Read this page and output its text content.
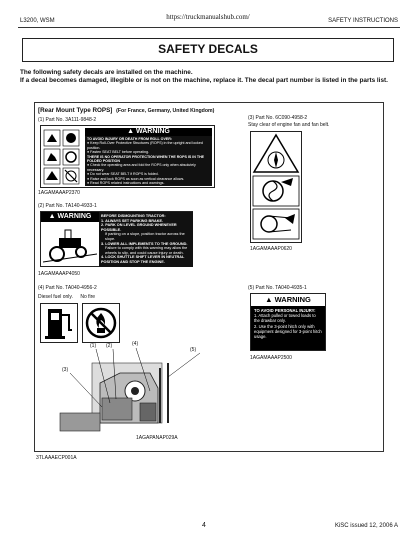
L3200, WSM	https://truckmanualshub.com/	SAFETY INSTRUCTIONS
SAFETY DECALS
The following safety decals are installed on the machine.
If a decal becomes damaged, illegible or is not on the machine, replace it. The decal part number is listed in the parts list.
[Rear Mount Type ROPS] (For France, Germany, United Kingdom)
(1) Part No. 3A111-9848-2
▲ WARNING
TO AVOID INJURY OR DEATH FROM ROLL OVER:
● Keep Roll-Over Protective Structures (ROPS) in the upright and locked position.
● Fasten SEAT BELT before operating.
THERE IS NO OPERATOR PROTECTION WHEN THE ROPS IS IN THE FOLDED POSITION
● Check the operating area and fold the ROPS only when absolutely necessary.
● Do not wear SEAT BELT if ROPS is folded.
● Raise and lock ROPS as soon as vertical clearance allows.
● Read ROPS related instructions and warnings.
1AGAMAAAP2370
(2) Part No. TA140-4933-1
▲ WARNING	BEFORE DISMOUNTING TRACTOR:
1. ALWAYS SET PARKING BRAKE.
2. PARK ON LEVEL GROUND WHENEVER POSSIBLE.
If parking on a slope, position tractor across the slope.
3. LOWER ALL IMPLEMENTS TO THE GROUND.
Failure to comply with this warning may allow the wheels to slip, and could cause injury or death.
4. LOCK SHUTTLE SHIFT LEVER IN NEUTRAL POSITION AND STOP THE ENGINE.
1AGAMAAAP4050
(3) Part No. 6C090-4958-2
Stay clear of engine fan and fan belt.
1AGAMAAAP0620
(4) Part No. TA040-4956-2
Diesel fuel only. No fire
(5) Part No. TA040-4935-1
▲ WARNING
TO AVOID PERSONAL INJURY:
1. Attach pulled or towed loads to the drawbar only.
2. Use the 3-point hitch only with equipment designed for 3-point hitch usage.
1AGAMAAAP2500
(1) (2)	(4)
(5)
(3)
1AGAPANAP029A
3TLAAAECP001A
4	KiSC issued 12, 2006 A
